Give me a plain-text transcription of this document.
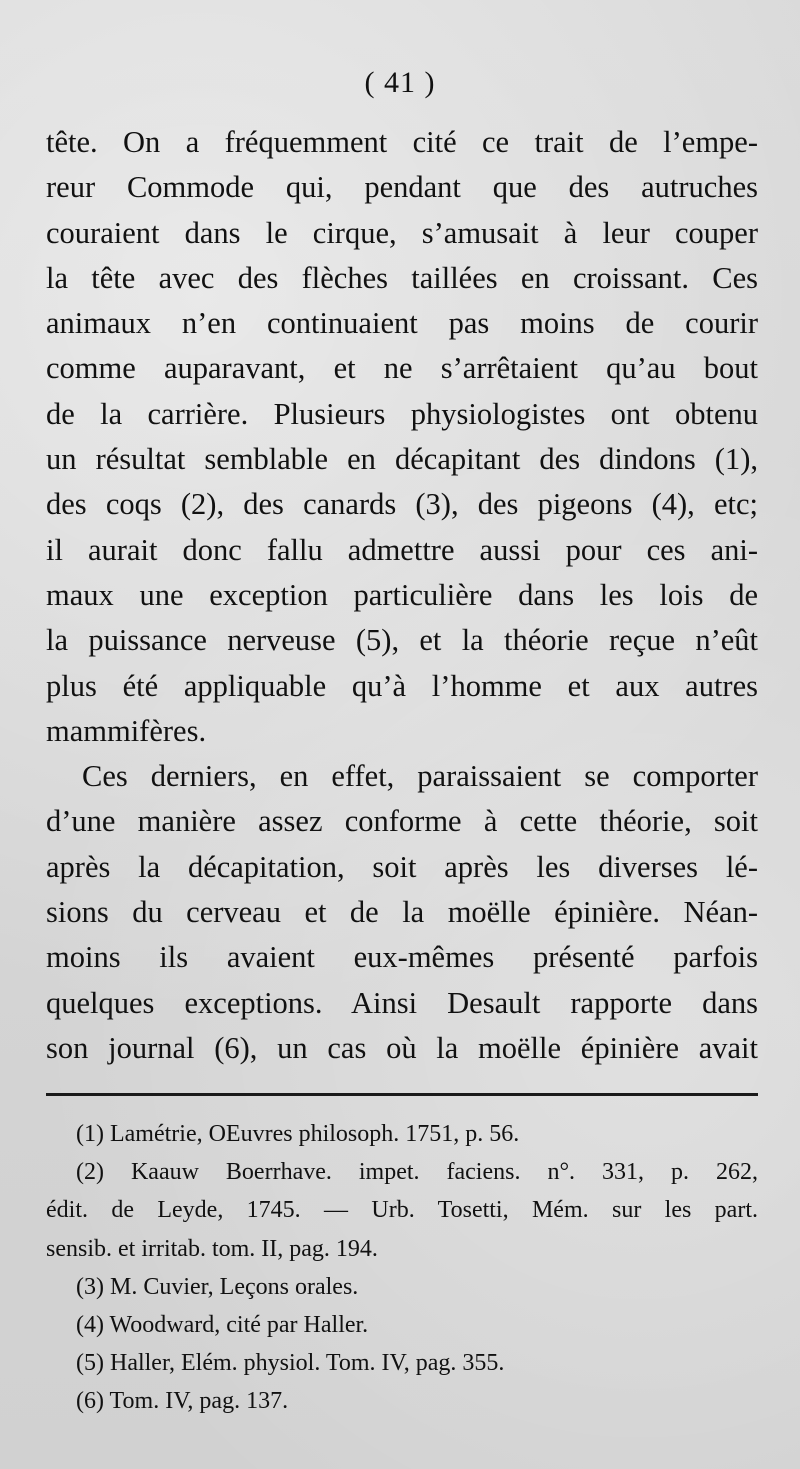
( 41 )
tête. On a fréquemment cité ce trait de l’empe-
reur Commode qui, pendant que des autruches
couraient dans le cirque, s’amusait à leur couper
la tête avec des flèches taillées en croissant. Ces
animaux n’en continuaient pas moins de courir
comme auparavant, et ne s’arrêtaient qu’au bout
de la carrière. Plusieurs physiologistes ont obtenu
un résultat semblable en décapitant des dindons (1),
des coqs (2), des canards (3), des pigeons (4), etc;
il aurait donc fallu admettre aussi pour ces ani-
maux une exception particulière dans les lois de
la puissance nerveuse (5), et la théorie reçue n’eût
plus été appliquable qu’à l’homme et aux autres
mammifères.
Ces derniers, en effet, paraissaient se comporter
d’une manière assez conforme à cette théorie, soit
après la décapitation, soit après les diverses lé-
sions du cerveau et de la moëlle épinière. Néan-
moins ils avaient eux-mêmes présenté parfois
quelques exceptions. Ainsi Desault rapporte dans
son journal (6), un cas où la moëlle épinière avait
(1) Lamétrie, OEuvres philosoph. 1751, p. 56.
(2) Kaauw Boerrhave. impet. faciens. n°. 331, p. 262,
édit. de Leyde, 1745. — Urb. Tosetti, Mém. sur les part.
sensib. et irritab. tom. II, pag. 194.
(3) M. Cuvier, Leçons orales.
(4) Woodward, cité par Haller.
(5) Haller, Elém. physiol. Tom. IV, pag. 355.
(6) Tom. IV, pag. 137.
